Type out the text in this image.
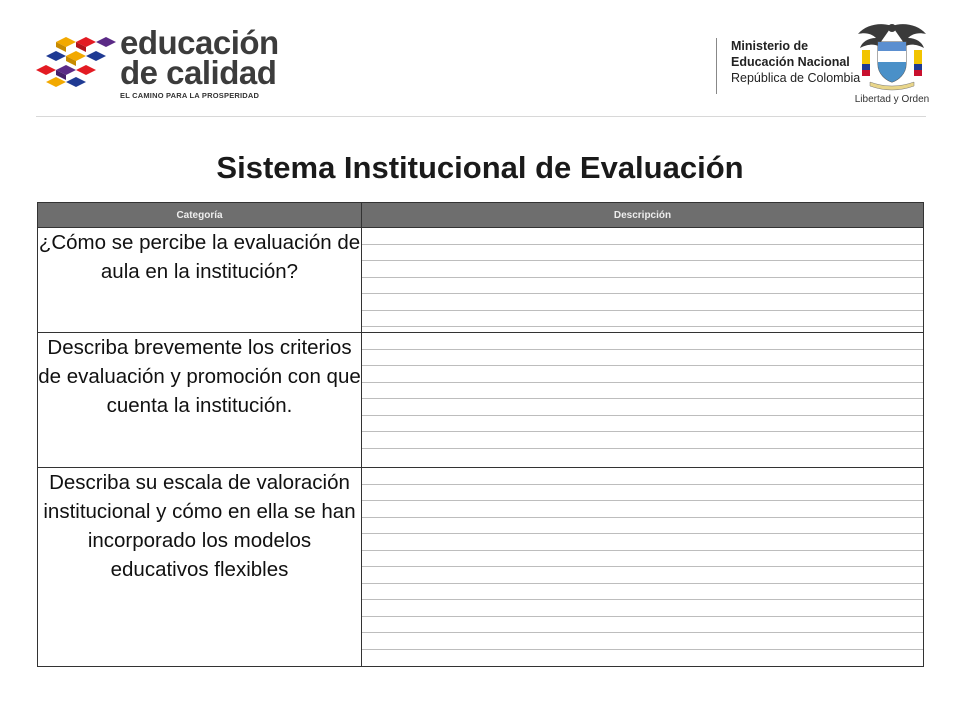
educación
de calidad
EL CAMINO PARA LA PROSPERIDAD
Ministerio de
Educación Nacional
República de Colombia
Libertad y Orden
Sistema Institucional de Evaluación
Categoría	Descripción
¿Cómo se percibe la evaluación de aula en la institución?	

Describa brevemente los criterios de evaluación y promoción con que cuenta la institución.	

Describa su escala de valoración institucional y cómo en ella se han incorporado los modelos educativos flexibles	
